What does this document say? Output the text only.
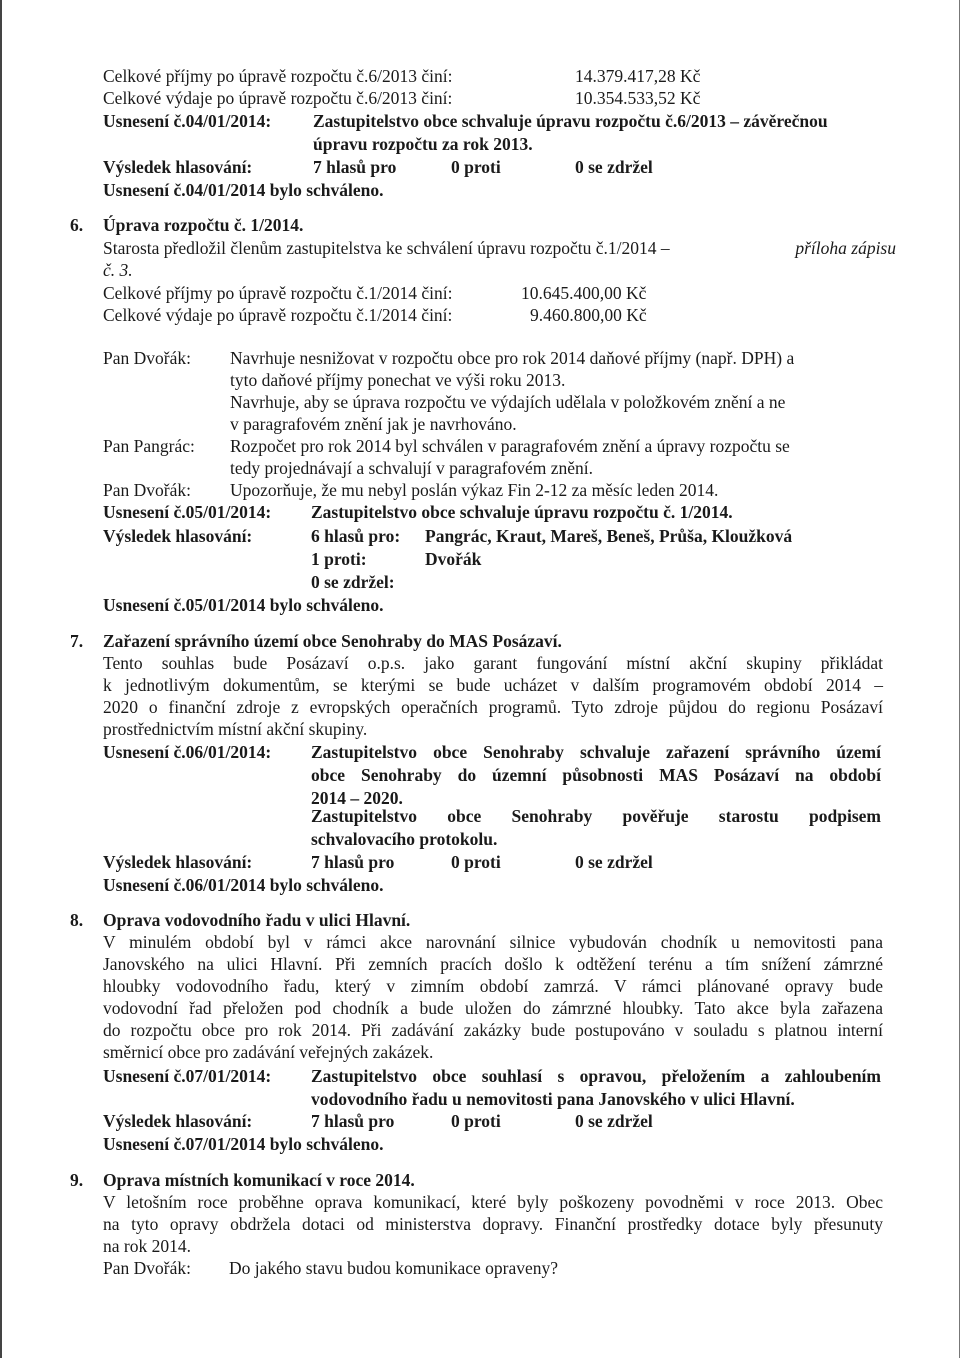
Celkové příjmy po úpravě rozpočtu č.6/2013 činí:	14.379.417,28 Kč
Celkové výdaje po úpravě rozpočtu č.6/2013 činí:	10.354.533,52 Kč
Usnesení č.04/01/2014: Zastupitelstvo obce schvaluje úpravu rozpočtu č.6/2013 – závěrečnou
úpravu rozpočtu za rok 2013.
Výsledek hlasování:	7 hlasů pro	0 proti	0 se zdržel
Usnesení č.04/01/2014 bylo schváleno.
6. Úprava rozpočtu č. 1/2014.
Starosta předložil členům zastupitelstva ke schválení úpravu rozpočtu č.1/2014 –	příloha zápisu
č. 3.
Celkové příjmy po úpravě rozpočtu č.1/2014 činí:	10.645.400,00 Kč
Celkové výdaje po úpravě rozpočtu č.1/2014 činí:	9.460.800,00 Kč
Pan Dvořák: Navrhuje nesnižovat v rozpočtu obce pro rok 2014 daňové příjmy (např. DPH) a
tyto daňové příjmy ponechat ve výši roku 2013.
Navrhuje, aby se úprava rozpočtu ve výdajích udělala v položkovém znění a ne
v paragrafovém znění jak je navrhováno.
Pan Pangrác: Rozpočet pro rok 2014 byl schválen v paragrafovém znění a úpravy rozpočtu se
tedy projednávají a schvalují v paragrafovém znění.
Pan Dvořák: Upozorňuje, že mu nebyl poslán výkaz Fin 2-12 za měsíc leden 2014.
Usnesení č.05/01/2014: Zastupitelstvo obce schvaluje úpravu rozpočtu č. 1/2014.
Výsledek hlasování:	6 hlasů pro: Pangrác, Kraut, Mareš, Beneš, Průša, Kloužková
1 proti:	Dvořák
0 se zdržel:
Usnesení č.05/01/2014 bylo schváleno.
7. Zařazení správního území obce Senohraby do MAS Posázaví.
Tento souhlas bude Posázaví o.p.s. jako garant fungování místní akční skupiny přikládat
k jednotlivým dokumentům, se kterými se bude ucházet v dalším programovém období 2014 –
2020 o finanční zdroje z evropských operačních programů. Tyto zdroje půjdou do regionu Posázaví
prostřednictvím místní akční skupiny.
Usnesení č.06/01/2014: Zastupitelstvo obce Senohraby schvaluje zařazení správního území
obce Senohraby do územní působnosti MAS Posázaví na období
2014 – 2020.
Zastupitelstvo obce Senohraby pověřuje starostu podpisem
schvalovacího protokolu.
Výsledek hlasování:	7 hlasů pro	0 proti	0 se zdržel
Usnesení č.06/01/2014 bylo schváleno.
8. Oprava vodovodního řadu v ulici Hlavní.
V minulém období byl v rámci akce narovnání silnice vybudován chodník u nemovitosti pana
Janovského na ulici Hlavní. Při zemních pracích došlo k odtěžení terénu a tím snížení zámrzné
hloubky vodovodního řadu, který v zimním období zamrzá. V rámci plánované opravy bude
vodovodní řad přeložen pod chodník a bude uložen do zámrzné hloubky. Tato akce byla zařazena
do rozpočtu obce pro rok 2014. Při zadávání zakázky bude postupováno v souladu s platnou interní
směrnicí obce pro zadávání veřejných zakázek.
Usnesení č.07/01/2014: Zastupitelstvo obce souhlasí s opravou, přeložením a zahloubením
vodovodního řadu u nemovitosti pana Janovského v ulici Hlavní.
Výsledek hlasování:	7 hlasů pro	0 proti	0 se zdržel
Usnesení č.07/01/2014 bylo schváleno.
9. Oprava místních komunikací v roce 2014.
V letošním roce proběhne oprava komunikací, které byly poškozeny povodněmi v roce 2013. Obec
na tyto opravy obdržela dotaci od ministerstva dopravy. Finanční prostředky dotace byly přesunuty
na rok 2014.
Pan Dvořák: Do jakého stavu budou komunikace opraveny?
